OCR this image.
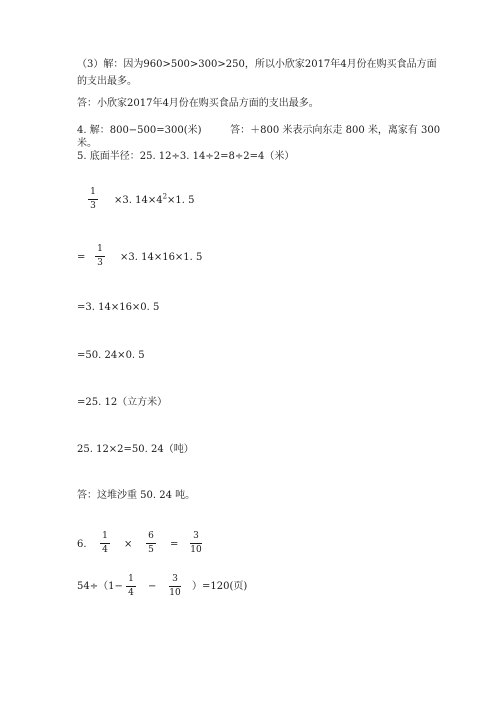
（3）解：因为960>500>300>250，所以小欣家2017年4月份在购买食品方面
的支出最多。
答：小欣家2017年4月份在购买食品方面的支出最多。
4. 解：800−500=300(米)         答：＋800 米表示向东走 800 米，离家有 300
米。
5. 底面半径：25. 12÷3. 14÷2=8÷2=4（米）
1
3 ×3. $14\times 4^2\times 1$. 5
=
1
3 ×3. 14×16×1. 5
=3. 14×16×0. 5
=50. 24×0. 5
=25. 12（立方米）
25. 12×2=50. 24（吨）
答：这堆沙重 50. 24 吨。
6.
1
4 ×
6
5 =
3
10
54÷（1−
1
4
−
3
10
）=120(页)
